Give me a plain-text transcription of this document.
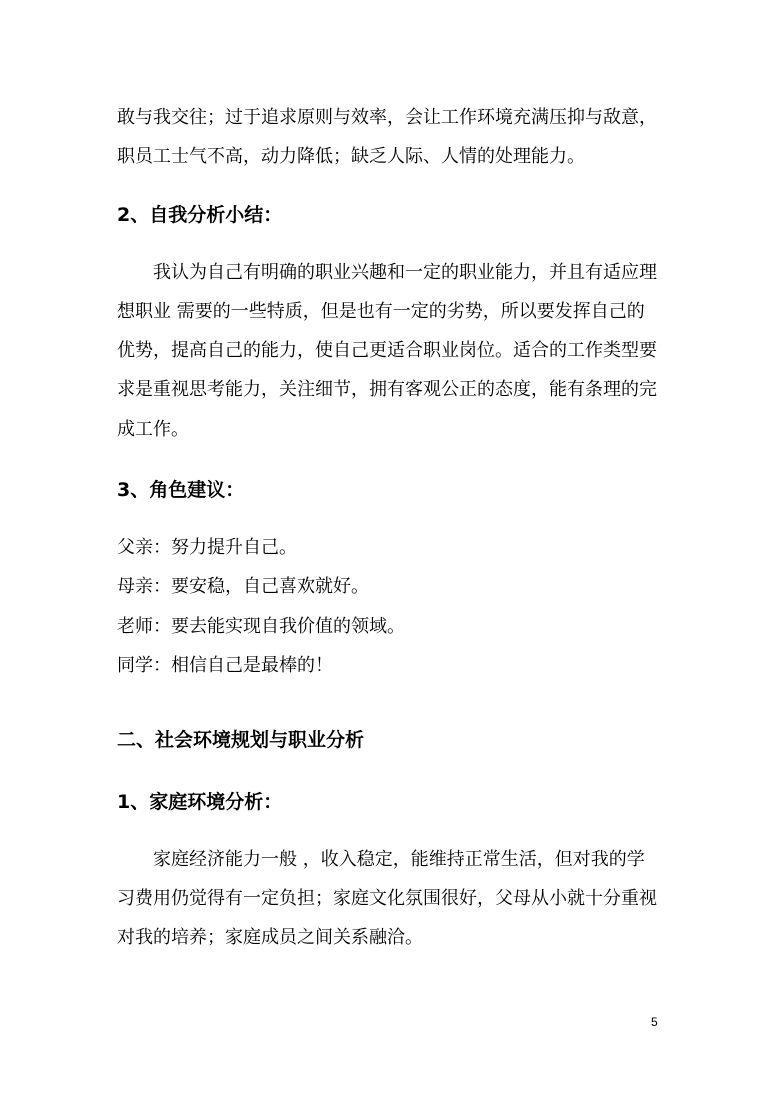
敢与我交往；过于追求原则与效率，会让工作环境充满压抑与敌意，
职员工士气不高，动力降低；缺乏人际、人情的处理能力。
2、自我分析小结：
我认为自己有明确的职业兴趣和一定的职业能力，并且有适应理
想职业 需要的一些特质，但是也有一定的劣势，所以要发挥自己的
优势，提高自己的能力，使自己更适合职业岗位。适合的工作类型要
求是重视思考能力，关注细节，拥有客观公正的态度，能有条理的完
成工作。
3、角色建议：
父亲：努力提升自己。
母亲：要安稳，自己喜欢就好。
老师：要去能实现自我价值的领域。
同学：相信自己是最棒的！
二、社会环境规划与职业分析
1、家庭环境分析：
家庭经济能力一般 ，收入稳定，能维持正常生活，但对我的学
习费用仍觉得有一定负担；家庭文化氛围很好，父母从小就十分重视
对我的培养；家庭成员之间关系融洽。
5
